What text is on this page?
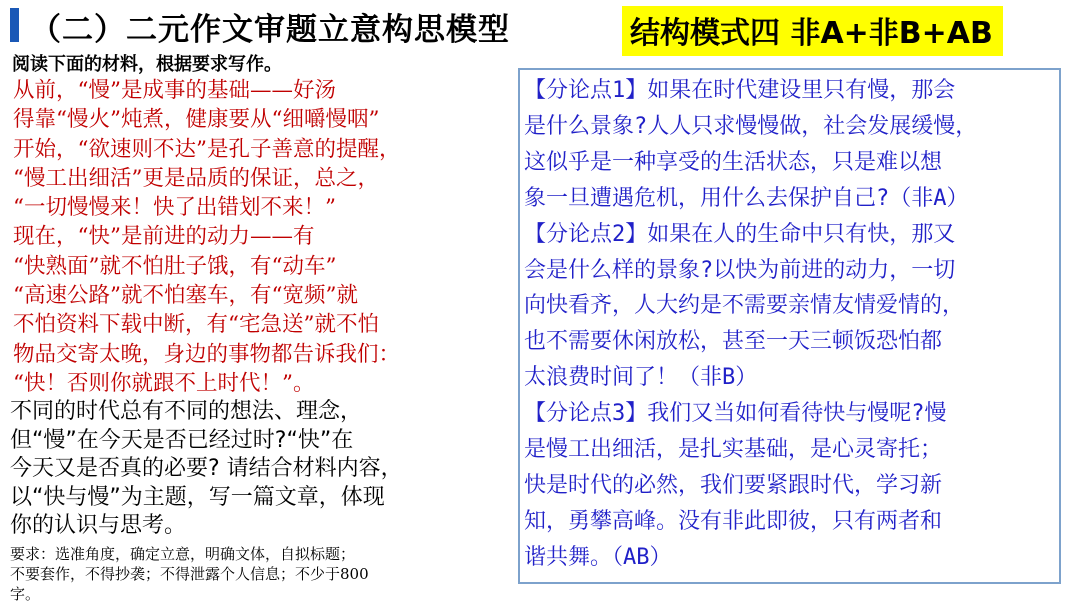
（二）二元作文审题立意构思模型	结构模式四 非A+非B+AB
阅读下面的材料，根据要求写作。
从前，“慢”是成事的基础——好汤
得靠“慢火”炖煮，健康要从“细嚼慢咽”
开始，“欲速则不达”是孔子善意的提醒，
“慢工出细活”更是品质的保证，总之，
“一切慢慢来！快了出错划不来！”
现在，“快”是前进的动力——有
“快熟面”就不怕肚子饿，有“动车”
“高速公路”就不怕塞车，有“宽频”就
不怕资料下载中断，有“宅急送”就不怕
物品交寄太晚，身边的事物都告诉我们：
“快！否则你就跟不上时代！”。
不同的时代总有不同的想法、理念，
但“慢”在今天是否已经过时?“快”在
今天又是否真的必要? 请结合材料内容，
以“快与慢”为主题，写一篇文章，体现
你的认识与思考。
要求：选准角度，确定立意，明确文体，自拟标题；
不要套作，不得抄袭；不得泄露个人信息；不少于800
字。
【分论点1】如果在时代建设里只有慢，那会
是什么景象?人人只求慢慢做，社会发展缓慢，
这似乎是一种享受的生活状态，只是难以想
象一旦遭遇危机，用什么去保护自己?（非A）
【分论点2】如果在人的生命中只有快，那又
会是什么样的景象?以快为前进的动力，一切
向快看齐，人大约是不需要亲情友情爱情的，
也不需要休闲放松，甚至一天三顿饭恐怕都
太浪费时间了！（非B）
【分论点3】我们又当如何看待快与慢呢?慢
是慢工出细活，是扎实基础，是心灵寄托；
快是时代的必然，我们要紧跟时代，学习新
知，勇攀高峰。没有非此即彼，只有两者和
谐共舞。（AB）
